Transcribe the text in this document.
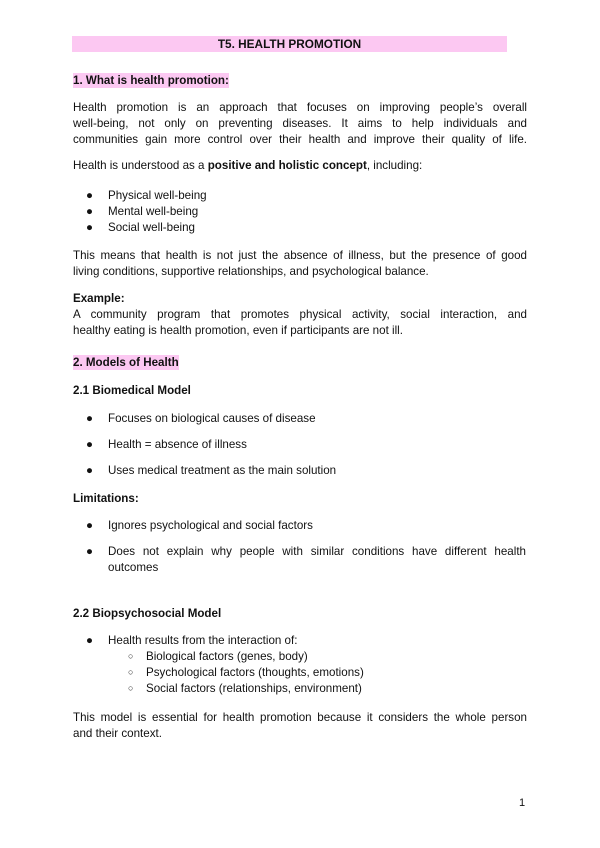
T5. HEALTH PROMOTION
1. What is health promotion:
Health promotion is an approach that focuses on improving people’s overall
well-being, not only on preventing diseases. It aims to help individuals and
communities gain more control over their health and improve their quality of life.
Health is understood as a positive and holistic concept, including:
● Physical well-being
● Mental well-being
● Social well-being
This means that health is not just the absence of illness, but the presence of good
living conditions, supportive relationships, and psychological balance.
Example:
A community program that promotes physical activity, social interaction, and
healthy eating is health promotion, even if participants are not ill.
2. Models of Health
2.1 Biomedical Model
● Focuses on biological causes of disease
● Health = absence of illness
● Uses medical treatment as the main solution
Limitations:
● Ignores psychological and social factors
●	Does not explain why people with similar conditions have different health
outcomes
2.2 Biopsychosocial Model
● Health results from the interaction of:
○ Biological factors (genes, body)
○ Psychological factors (thoughts, emotions)
○ Social factors (relationships, environment)
This model is essential for health promotion because it considers the whole person
and their context.
1
